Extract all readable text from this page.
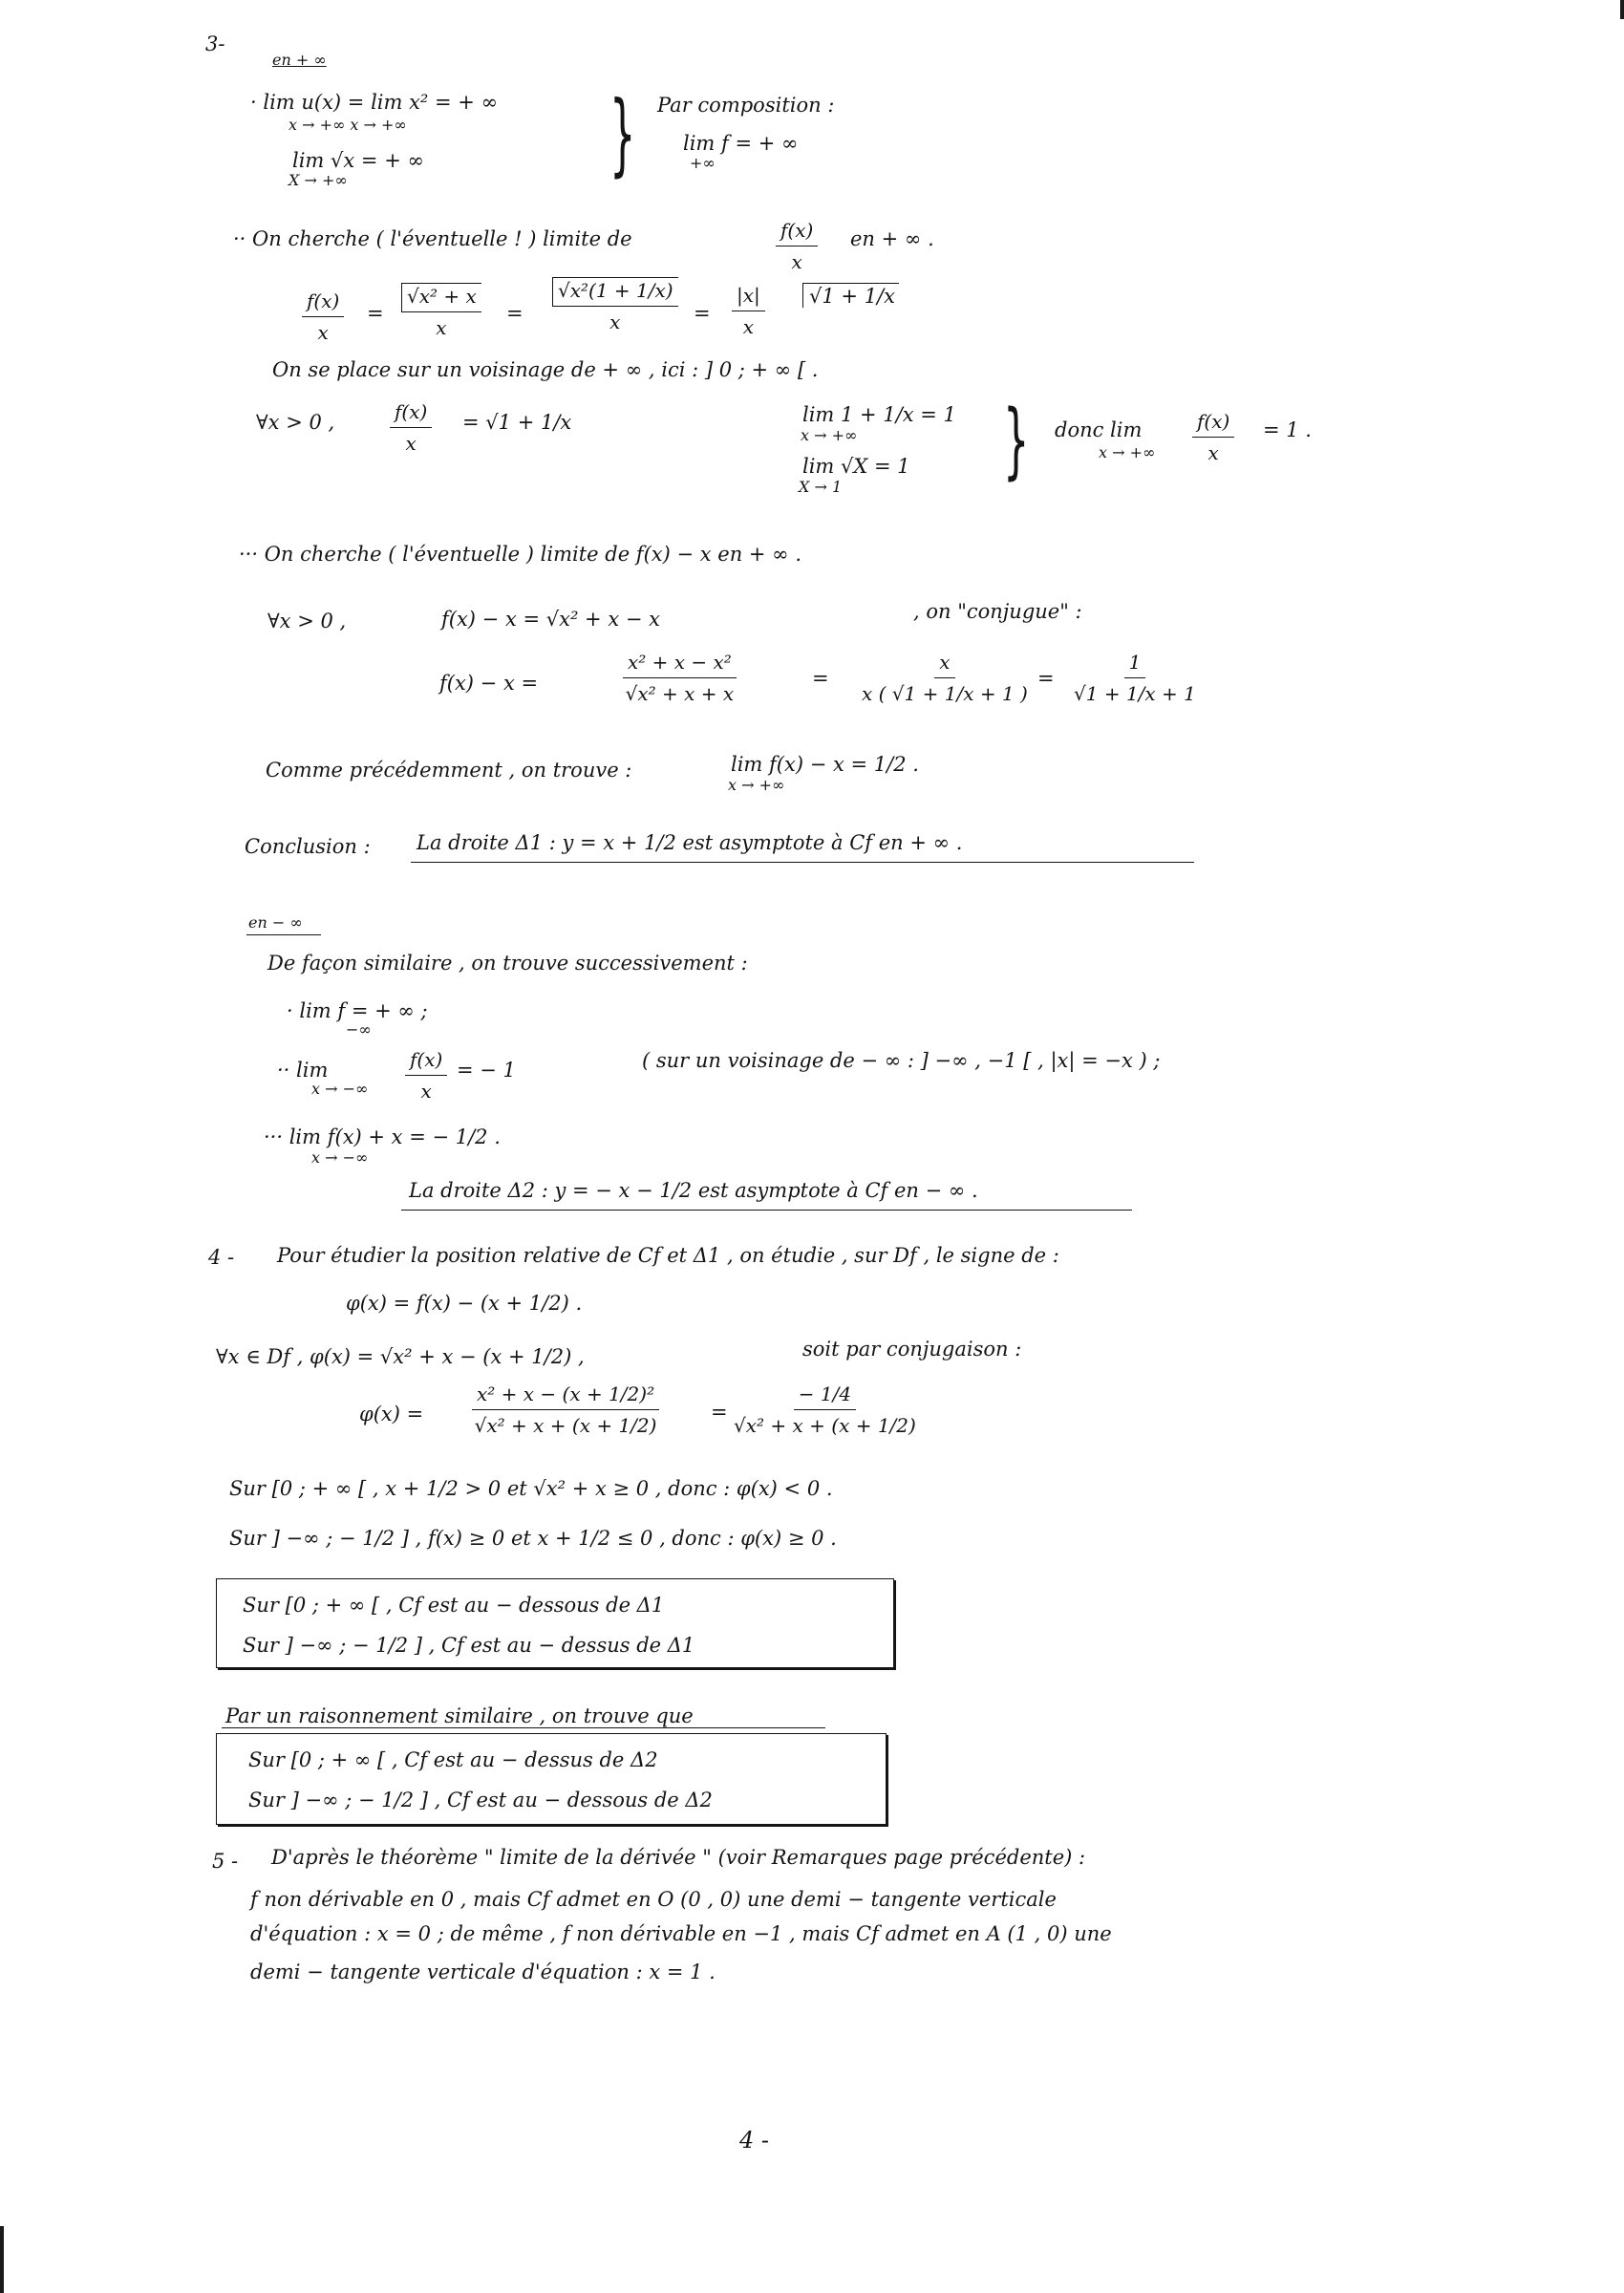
3-
en + ∞
· lim u(x) = lim x² = + ∞
x → +∞ x → +∞
lim √x = + ∞
X → +∞	} Par composition :
lim f = + ∞
+∞
·· On cherche ( l'éventuelle ! ) limite de	$\frac{f(x)}{x}$ en + ∞ .
$\frac{f(x)}{x} = \frac{\text{√x² + x}}{x} = \frac{\text{√x²(1 + 1/x)}}{x} = \frac{|x|}{x}$	√1 + 1/x
On se place sur un voisinage de + ∞ , ici : ] 0 ; + ∞ [ .
∀x > 0 ,	$\frac{f(x)}{x} = √1 + 1/x$	lim 1 + 1/x = 1
x → +∞
lim √X = 1
X → 1 } donc lim
x → +∞ $\frac{f(x)}{x} = 1$ .
··· On cherche ( l'éventuelle ) limite de f(x) − x en + ∞ .
∀x > 0 ,	f(x) − x = √x² + x − x	, on "conjugue" :
f(x) − x =	$\frac{\text{x² + x − x²}}{\text{√x² + x + x}}$	= $\frac{x}{x ( √1 + 1/x + 1 )} = \frac{1}{√1 + 1/x + 1}$
Comme précédemment , on trouve :	lim f(x) − x = 1/2 .
x → +∞
Conclusion : La droite Δ1 : y = x + 1/2 est asymptote à Cf en + ∞ .
en − ∞
De façon similaire , on trouve successivement :
· lim f = + ∞ ;
−∞
·· lim
x → −∞ $\frac{f(x)}{x}$ = − 1	( sur un voisinage de − ∞ : ] −∞ , −1 [ , |x| = −x ) ;
··· lim f(x) + x = − 1/2 .
x → −∞
La droite Δ2 : y = − x − 1/2 est asymptote à Cf en − ∞ .
4 - Pour étudier la position relative de Cf et Δ1 , on étudie , sur Df , le signe de :
φ(x) = f(x) − (x + 1/2) .
∀x ∈ Df , φ(x) = √x² + x − (x + 1/2) ,	soit par conjugaison :
φ(x) =	$\frac{\text{x² + x − (x + 1/2)²}}{\text{√x² + x + (x + 1/2)}}$	= $\frac{- 1/4}{\text{√x² + x + (x + 1/2)}}$
Sur [0 ; + ∞ [ , x + 1/2 > 0 et √x² + x ≥ 0 , donc : φ(x) < 0 .
Sur ] −∞ ; − 1/2 ] , f(x) ≥ 0 et x + 1/2 ≤ 0 , donc : φ(x) ≥ 0 .
Sur [0 ; + ∞ [ , Cf est au − dessous de Δ1
Sur ] −∞ ; − 1/2 ] , Cf est au − dessus de Δ1
Par un raisonnement similaire , on trouve que
Sur [0 ; + ∞ [ , Cf est au − dessus de Δ2
Sur ] −∞ ; − 1/2 ] , Cf est au − dessous de Δ2
5 - D'après le théorème " limite de la dérivée " (voir Remarques page précédente) :
f non dérivable en 0 , mais Cf admet en O (0 , 0) une demi − tangente verticale
d'équation : x = 0 ; de même , f non dérivable en −1 , mais Cf admet en A (1 , 0) une
demi − tangente verticale d'équation : x = 1 .
4 -
